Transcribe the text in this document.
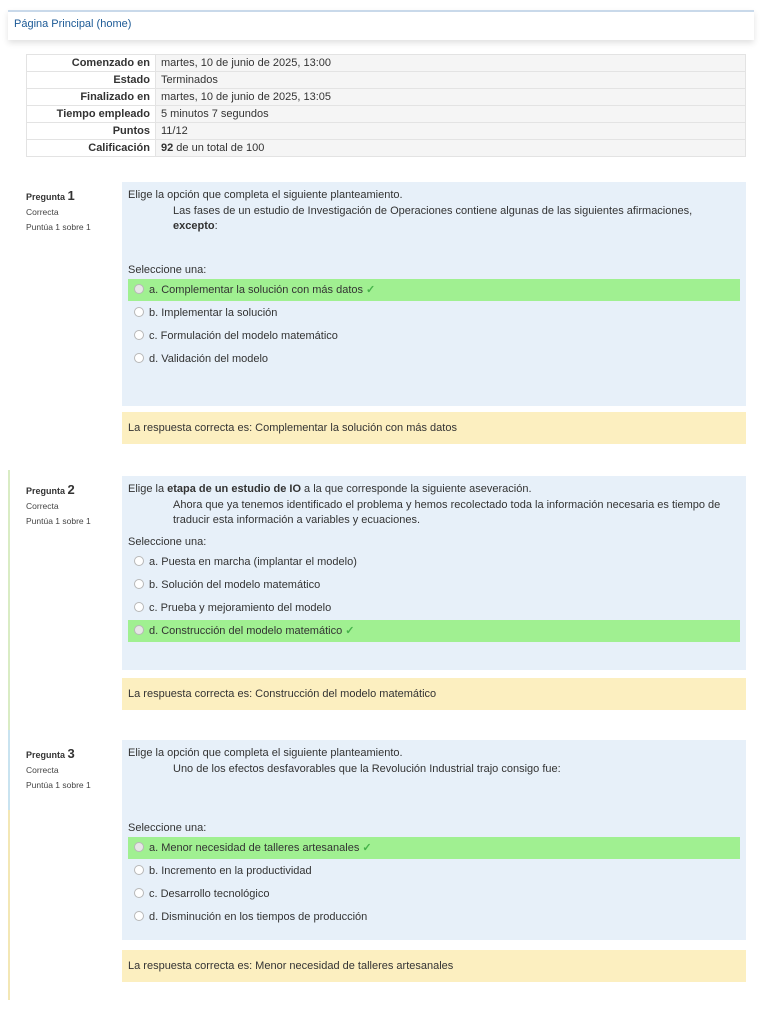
Página Principal (home)
Comenzado en	martes, 10 de junio de 2025, 13:00
Estado	Terminados
Finalizado en	martes, 10 de junio de 2025, 13:05
Tiempo empleado	5 minutos 7 segundos
Puntos	11/12
Calificación	92 de un total de 100
Pregunta 1
Correcta
Puntúa 1 sobre 1
Elige la opción que completa el siguiente planteamiento.
Las fases de un estudio de Investigación de Operaciones contiene algunas de las siguientes afirmaciones,
excepto:
Seleccione una:
a. Complementar la solución con más datos ✓
b. Implementar la solución
c. Formulación del modelo matemático
d. Validación del modelo
La respuesta correcta es: Complementar la solución con más datos
Pregunta 2
Correcta
Puntúa 1 sobre 1
Elige la etapa de un estudio de IO a la que corresponde la siguiente aseveración.
Ahora que ya tenemos identificado el problema y hemos recolectado toda la información necesaria es tiempo de traducir esta información a variables y ecuaciones.
Seleccione una:
a. Puesta en marcha (implantar el modelo)
b. Solución del modelo matemático
c. Prueba y mejoramiento del modelo
d. Construcción del modelo matemático ✓
La respuesta correcta es: Construcción del modelo matemático
Pregunta 3
Correcta
Puntúa 1 sobre 1
Elige la opción que completa el siguiente planteamiento.
Uno de los efectos desfavorables que la Revolución Industrial trajo consigo fue:
Seleccione una:
a. Menor necesidad de talleres artesanales ✓
b. Incremento en la productividad
c. Desarrollo tecnológico
d. Disminución en los tiempos de producción
La respuesta correcta es: Menor necesidad de talleres artesanales
